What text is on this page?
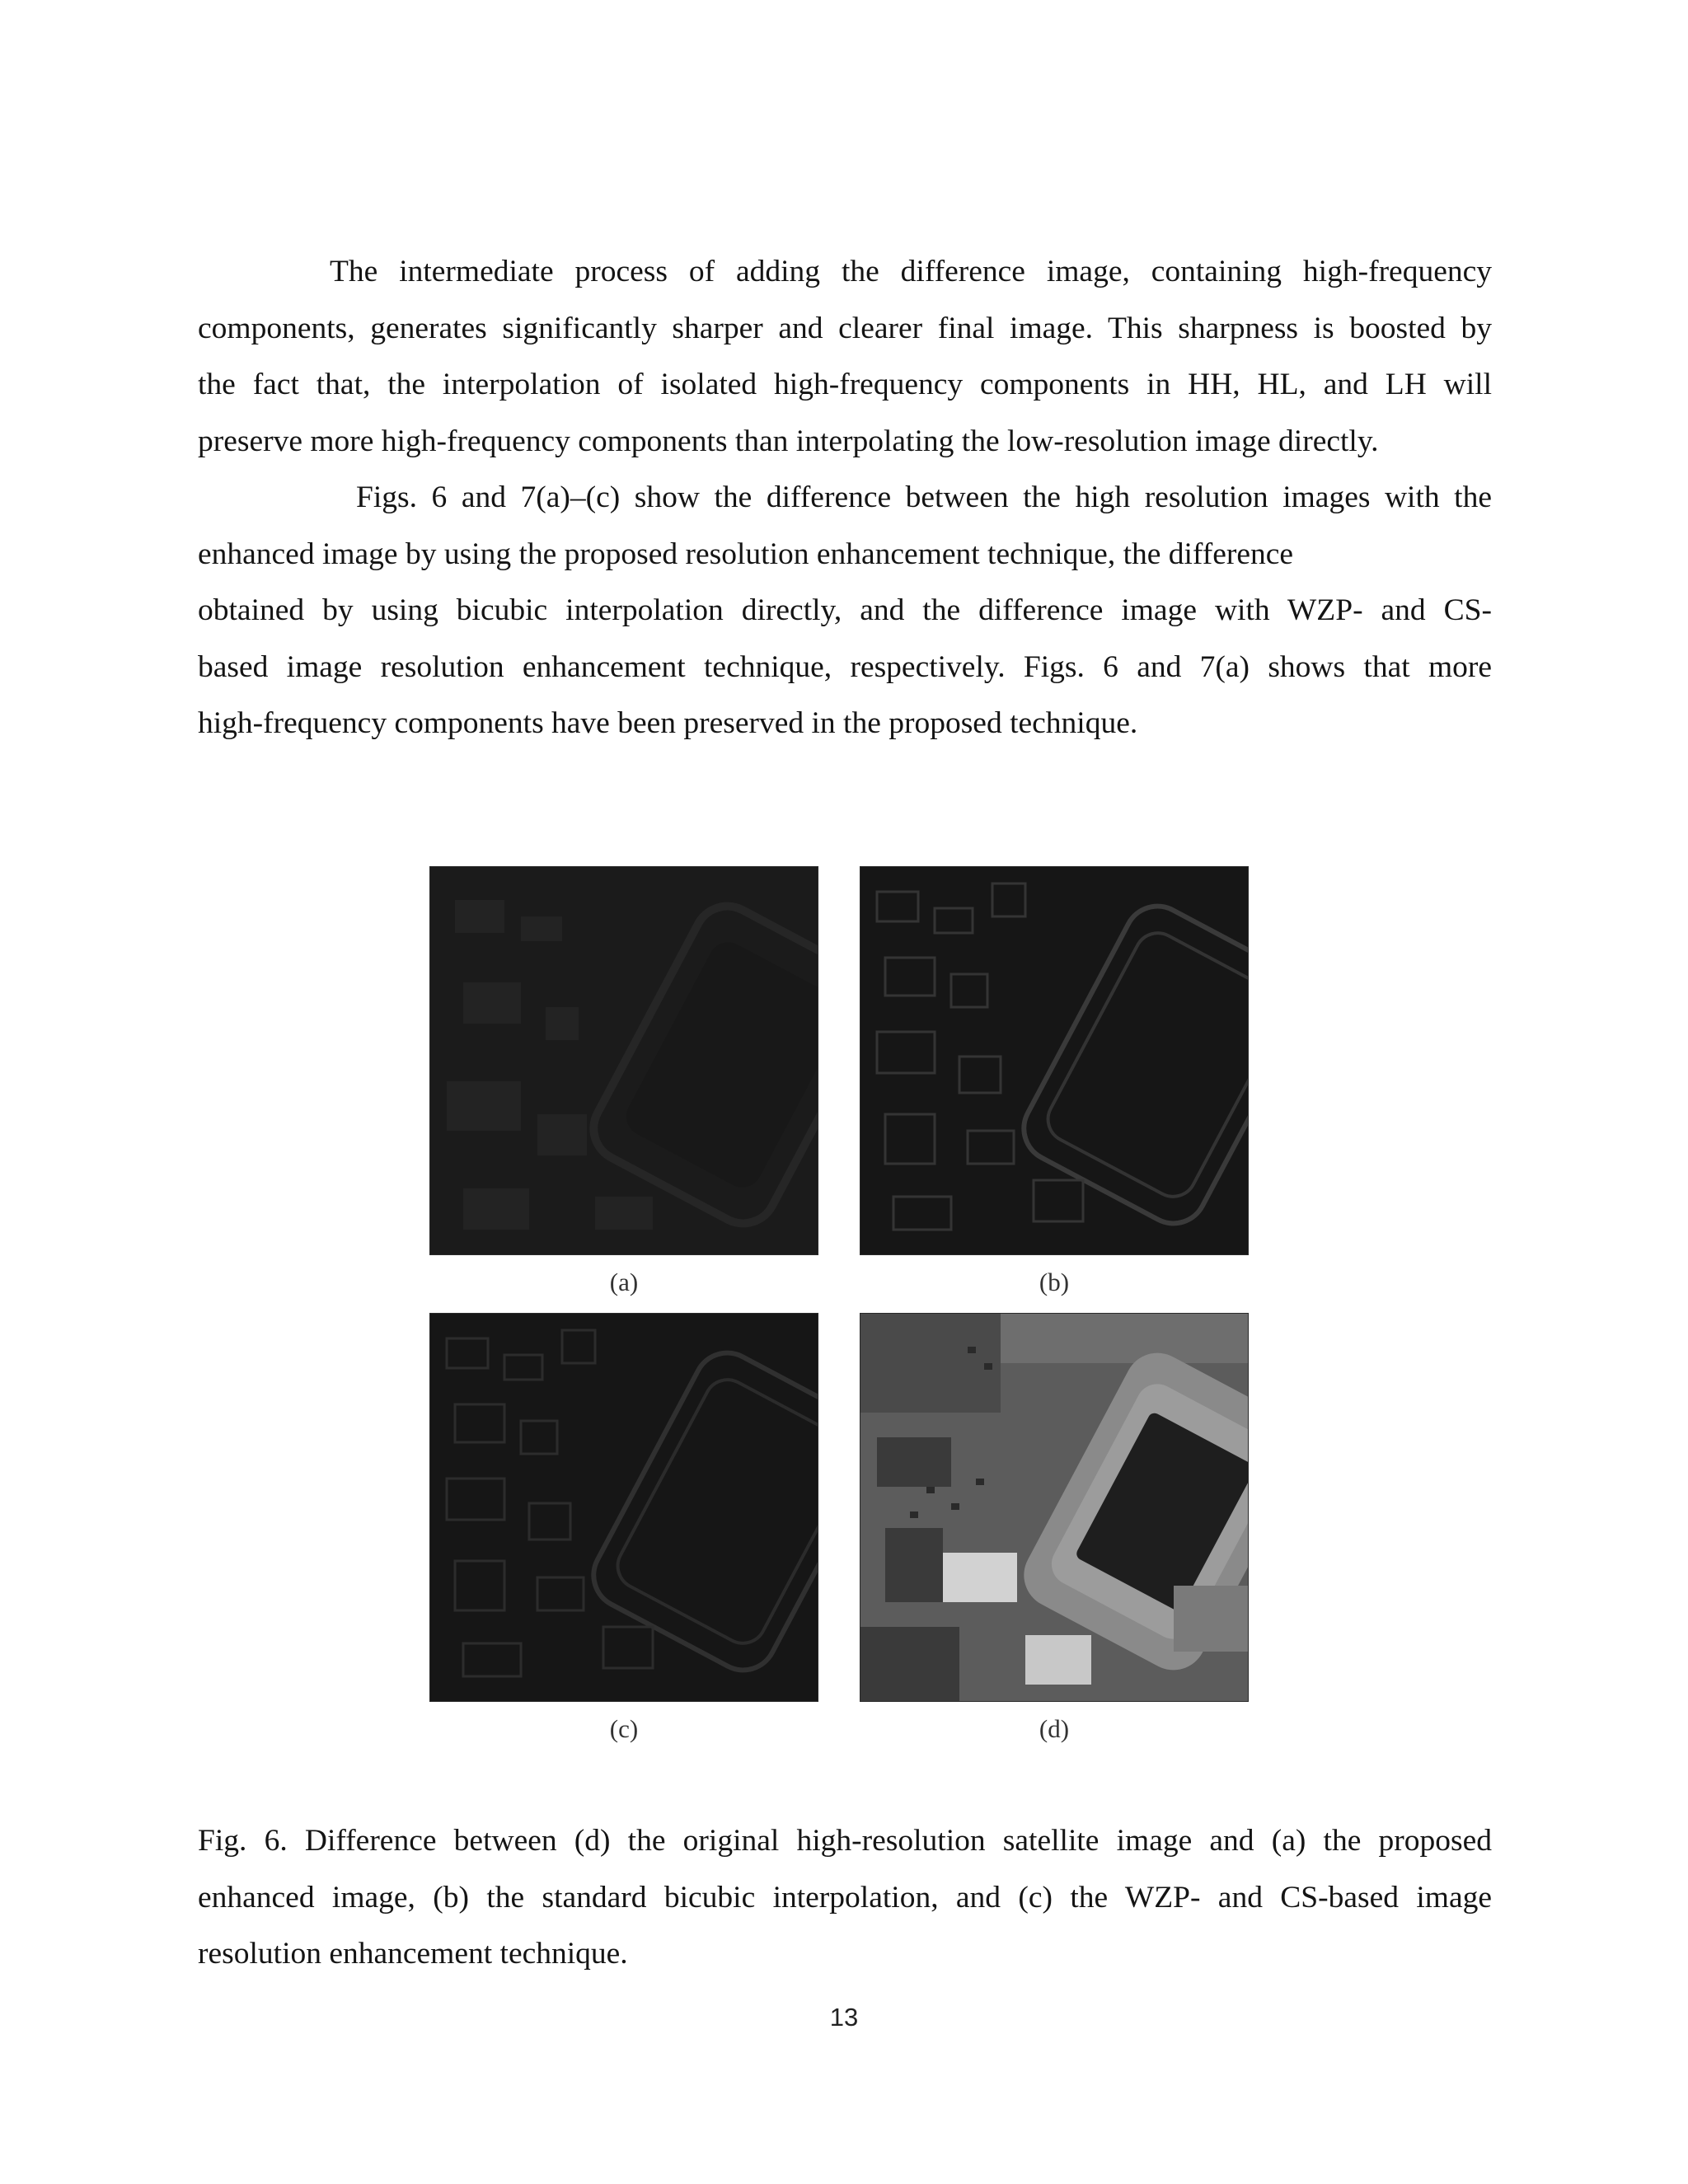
The intermediate process of adding the difference image, containing high-frequency
components, generates significantly sharper and clearer final image. This sharpness is boosted by
the fact that, the interpolation of isolated high-frequency components in HH, HL, and LH will
preserve more high-frequency components than interpolating the low-resolution image directly.
Figs. 6 and 7(a)–(c) show the difference between the high resolution images with the
enhanced image by using the proposed resolution enhancement technique, the difference
obtained by using bicubic interpolation directly, and the difference image with WZP- and CS-
based image resolution enhancement technique, respectively. Figs. 6 and 7(a) shows that more
high-frequency components have been preserved in the proposed technique.
(a)	(b)
(c)	(d)
Fig. 6. Difference between (d) the original high-resolution satellite image and (a) the proposed
enhanced image, (b) the standard bicubic interpolation, and (c) the WZP- and CS-based image
resolution enhancement technique.
13
